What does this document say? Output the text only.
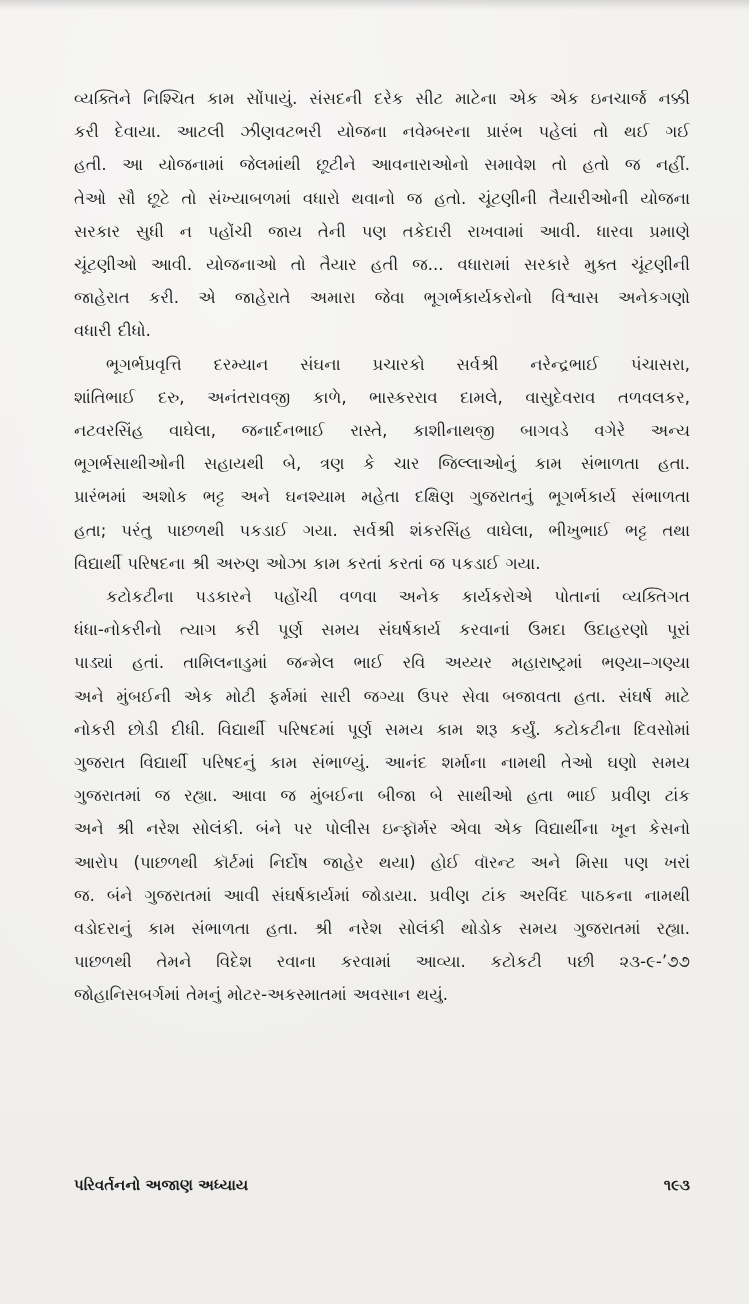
વ્યક્તિને નિશ્ચિત કામ સોંપાયું. સંસદની દરેક સીટ માટેના એક એક ઇનચાર્જ નક્કી
કરી દેવાયા. આટલી ઝીણવટભરી યોજના નવેમ્બરના પ્રારંભ પહેલાં તો થઈ ગઈ
હતી. આ યોજનામાં જેલમાંથી છૂટીને આવનારાઓનો સમાવેશ તો હતો જ નહીં.
તેઓ સૌ છૂટે તો સંખ્યાબળમાં વધારો થવાનો જ હતો. ચૂંટણીની તૈયારીઓની યોજના
સરકાર સુધી ન પહોંચી જાય તેની પણ તકેદારી રાખવામાં આવી. ધારવા પ્રમાણે
ચૂંટણીઓ આવી. યોજનાઓ તો તૈયાર હતી જ... વધારામાં સરકારે મુક્ત ચૂંટણીની
જાહેરાત કરી. એ જાહેરાતે અમારા જેવા ભૂગર્ભકાર્યકરોનો વિશ્વાસ અનેકગણો
વધારી દીધો.

ભૂગર્ભપ્રવૃત્તિ દરમ્યાન સંઘના પ્રચારકો સર્વશ્રી નરેન્દ્રભાઈ પંચાસરા,
શાંતિભાઈ દરુ, અનંતરાવજી કાળે, ભાસ્કરરાવ દામલે, વાસુદેવરાવ તળવલકર,
નટવરસિંહ વાઘેલા, જનાર્દનભાઈ રાસ્તે, કાશીનાથજી બાગવડે વગેરે અન્ય
ભૂગર્ભસાથીઓની સહાયથી બે, ત્રણ કે ચાર જિલ્લાઓનું કામ સંભાળતા હતા.
પ્રારંભમાં અશોક ભટ્ટ અને ઘનશ્યામ મહેતા દક્ષિણ ગુજરાતનું ભૂગર્ભકાર્ય સંભાળતા
હતા; પરંતુ પાછળથી પકડાઈ ગયા. સર્વશ્રી શંકરસિંહ વાઘેલા, ભીખુભાઈ ભટ્ટ તથા
વિદ્યાર્થી પરિષદના શ્રી અરુણ ઓઝા કામ કરતાં કરતાં જ પકડાઈ ગયા.

કટોકટીના પડકારને પહોંચી વળવા અનેક કાર્યકરોએ પોતાનાં વ્યક્તિગત
ધંધા-નોકરીનો ત્યાગ કરી પૂર્ણ સમય સંઘર્ષકાર્ય કરવાનાં ઉમદા ઉદાહરણો પૂરાં
પાડ્યાં હતાં. તામિલનાડુમાં જન્મેલ ભાઈ રવિ અય્યર મહારાષ્ટ્રમાં ભણ્યા–ગણ્યા
અને મુંબઈની એક મોટી ફર્મમાં સારી જગ્યા ઉપર સેવા બજાવતા હતા. સંઘર્ષ માટે
નોકરી છોડી દીધી. વિદ્યાર્થી પરિષદમાં પૂર્ણ સમય કામ શરૂ કર્યું. કટોકટીના દિવસોમાં
ગુજરાત વિદ્યાર્થી પરિષદનું કામ સંભાળ્યું. આનંદ શર્માના નામથી તેઓ ઘણો સમય
ગુજરાતમાં જ રહ્યા. આવા જ મુંબઈના બીજા બે સાથીઓ હતા ભાઈ પ્રવીણ ટાંક
અને શ્રી નરેશ સોલંકી. બંને પર પોલીસ ઇન્ફૉર્મર એવા એક વિદ્યાર્થીના ખૂન કેસનો
આરોપ (પાછળથી કૉર્ટમાં નિર્દોષ જાહેર થયા) હોઈ વૉરન્ટ અને મિસા પણ ખરાં
જ. બંને ગુજરાતમાં આવી સંઘર્ષકાર્યમાં જોડાયા. પ્રવીણ ટાંક અરવિંદ પાઠકના નામથી
વડોદરાનું કામ સંભાળતા હતા. શ્રી નરેશ સોલંકી થોડોક સમય ગુજરાતમાં રહ્યા.
પાછળથી તેમને વિદેશ રવાના કરવામાં આવ્યા. કટોકટી પછી ૨૩-૯-’૭૭
જોહાનિસબર્ગમાં તેમનું મોટર-અકસ્માતમાં અવસાન થયું.

પરિવર્તનનો અજાણ અધ્યાય	૧૯૩
